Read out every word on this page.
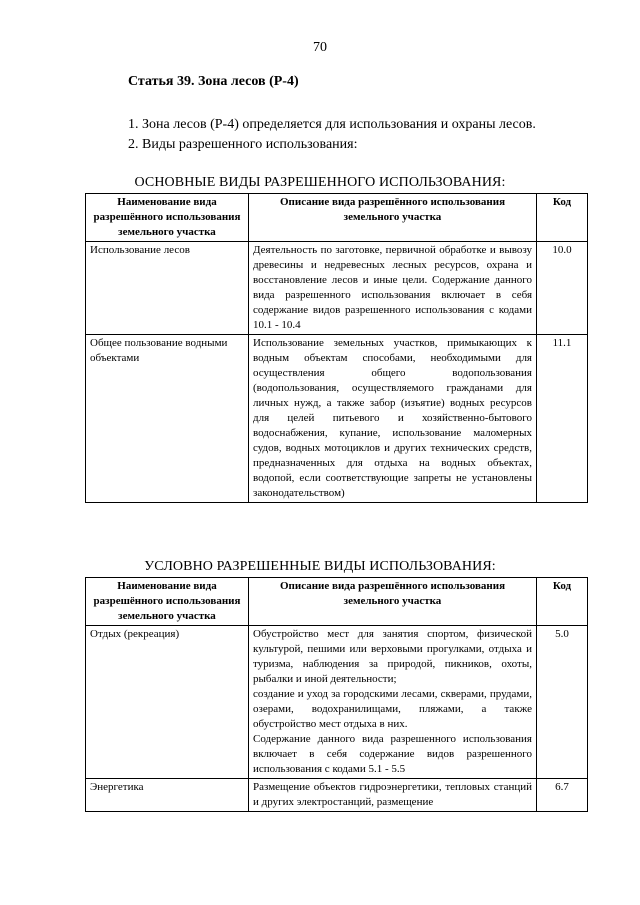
70
Статья 39. Зона лесов (Р-4)
1. Зона лесов (Р-4) определяется для использования и охраны лесов.
2. Виды разрешенного использования:
ОСНОВНЫЕ ВИДЫ РАЗРЕШЕННОГО ИСПОЛЬЗОВАНИЯ:
Наименование вида разрешённого использования земельного участка	Описание вида разрешённого использования земельного участка	Код
Использование лесов	Деятельность по заготовке, первичной обработке и вывозу древесины и недревесных лесных ресурсов, охрана и восстановление лесов и иные цели. Содержание данного вида разрешенного использования включает в себя содержание видов разрешенного использования с кодами 10.1 - 10.4	10.0
Общее пользование водными объектами	Использование земельных участков, примыкающих к водным объектам способами, необходимыми для осуществления общего водопользования (водопользования, осуществляемого гражданами для личных нужд, а также забор (изъятие) водных ресурсов для целей питьевого и хозяйственно-бытового водоснабжения, купание, использование маломерных судов, водных мотоциклов и других технических средств, предназначенных для отдыха на водных объектах, водопой, если соответствующие запреты не установлены законодательством)	11.1
УСЛОВНО РАЗРЕШЕННЫЕ ВИДЫ ИСПОЛЬЗОВАНИЯ:
Наименование вида разрешённого использования земельного участка	Описание вида разрешённого использования земельного участка	Код
Отдых (рекреация)	Обустройство мест для занятия спортом, физической культурой, пешими или верховыми прогулками, отдыха и туризма, наблюдения за природой, пикников, охоты, рыбалки и иной деятельности;
создание и уход за городскими лесами, скверами, прудами, озерами, водохранилищами, пляжами, а также обустройство мест отдыха в них.
Содержание данного вида разрешенного использования включает в себя содержание видов разрешенного использования с кодами 5.1 - 5.5	5.0
Энергетика	Размещение объектов гидроэнергетики, тепловых станций и других электростанций, размещение	6.7
